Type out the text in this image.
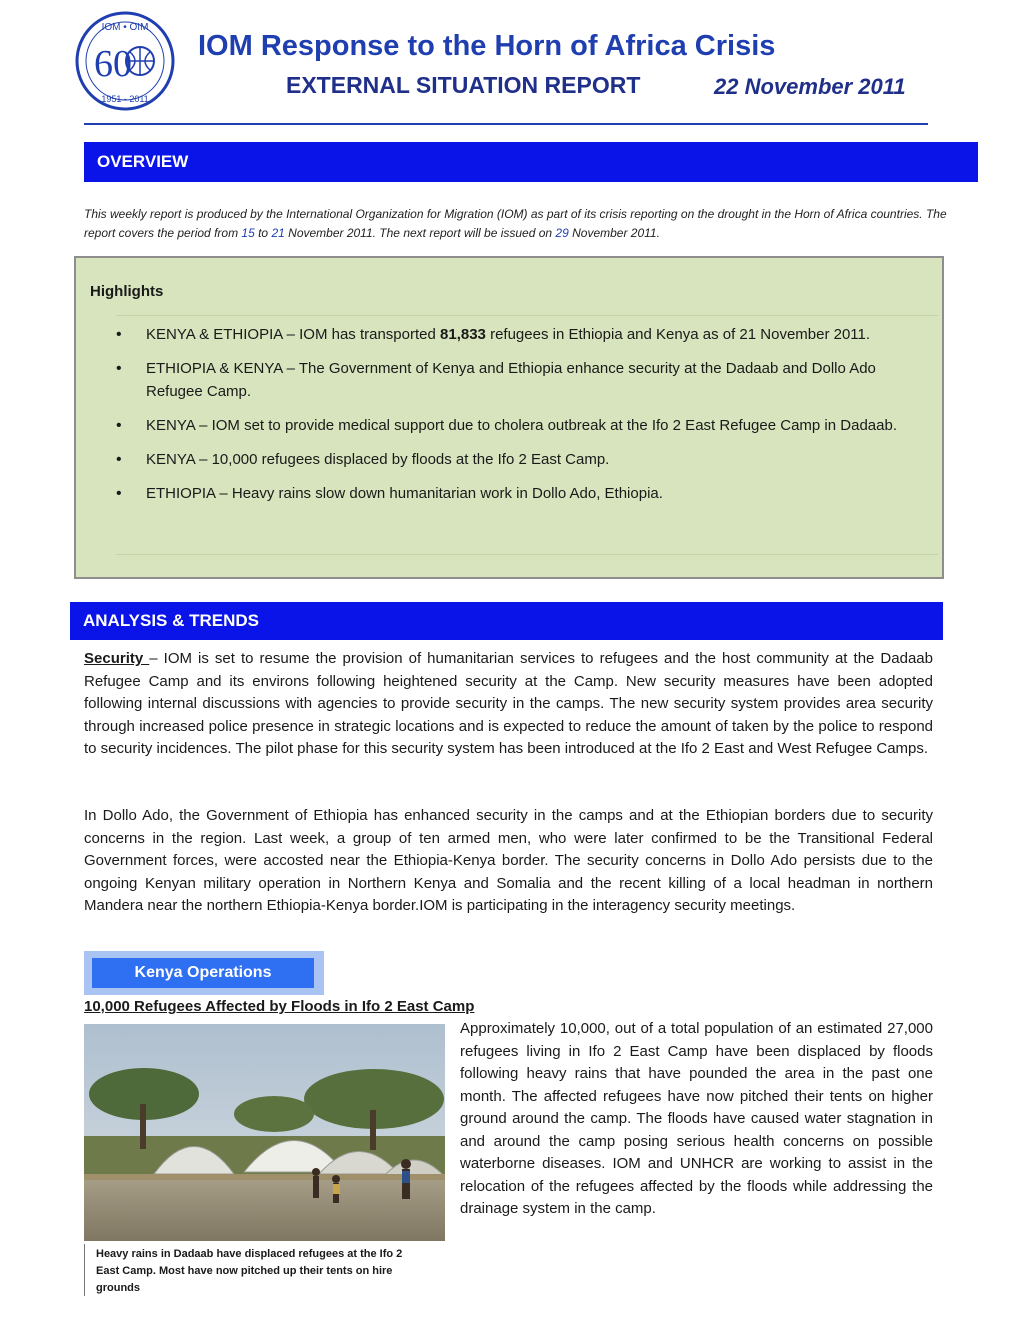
IOM • OIM
60
1951 - 2011
IOM Response to the Horn of Africa Crisis
EXTERNAL SITUATION REPORT	22 November 2011
OVERVIEW
This weekly report is produced by the International Organization for Migration (IOM) as part of its crisis reporting on the drought in the Horn of Africa countries. The report covers the period from 15 to 21 November 2011. The next report will be issued on 29 November 2011.
Highlights
• KENYA & ETHIOPIA – IOM has transported 81,833 refugees in Ethiopia and Kenya as of 21 November 2011.
• ETHIOPIA & KENYA – The Government of Kenya and Ethiopia enhance security at the Dadaab and Dollo Ado Refugee Camp.
• KENYA – IOM set to provide medical support due to cholera outbreak at the Ifo 2 East Refugee Camp in Dadaab.
• KENYA – 10,000 refugees displaced by floods at the Ifo 2 East Camp.
• ETHIOPIA – Heavy rains slow down humanitarian work in Dollo Ado, Ethiopia.
ANALYSIS & TRENDS
Security – IOM is set to resume the provision of humanitarian services to refugees and the host community at the Dadaab Refugee Camp and its environs following heightened security at the Camp. New security measures have been adopted following internal discussions with agencies to provide security in the camps. The new security system provides area security through increased police presence in strategic locations and is expected to reduce the amount of taken by the police to respond to security incidences. The pilot phase for this security system has been introduced at the Ifo 2 East and West Refugee Camps.
In Dollo Ado, the Government of Ethiopia has enhanced security in the camps and at the Ethiopian borders due to security concerns in the region. Last week, a group of ten armed men, who were later confirmed to be the Transitional Federal Government forces, were accosted near the Ethiopia-Kenya border. The security concerns in Dollo Ado persists due to the ongoing Kenyan military operation in Northern Kenya and Somalia and the recent killing of a local headman in northern Mandera near the northern Ethiopia-Kenya border.IOM is participating in the interagency security meetings.
Kenya Operations
10,000 Refugees Affected by Floods in Ifo 2 East Camp
Heavy rains in Dadaab have displaced refugees at the Ifo 2 East Camp. Most have now pitched up their tents on hire grounds
Approximately 10,000, out of a total population of an estimated 27,000 refugees living in Ifo 2 East Camp have been displaced by floods following heavy rains that have pounded the area in the past one month. The affected refugees have now pitched their tents on higher ground around the camp. The floods have caused water stagnation in and around the camp posing serious health concerns on possible waterborne diseases. IOM and UNHCR are working to assist in the relocation of the refugees affected by the floods while addressing the drainage system in the camp.
